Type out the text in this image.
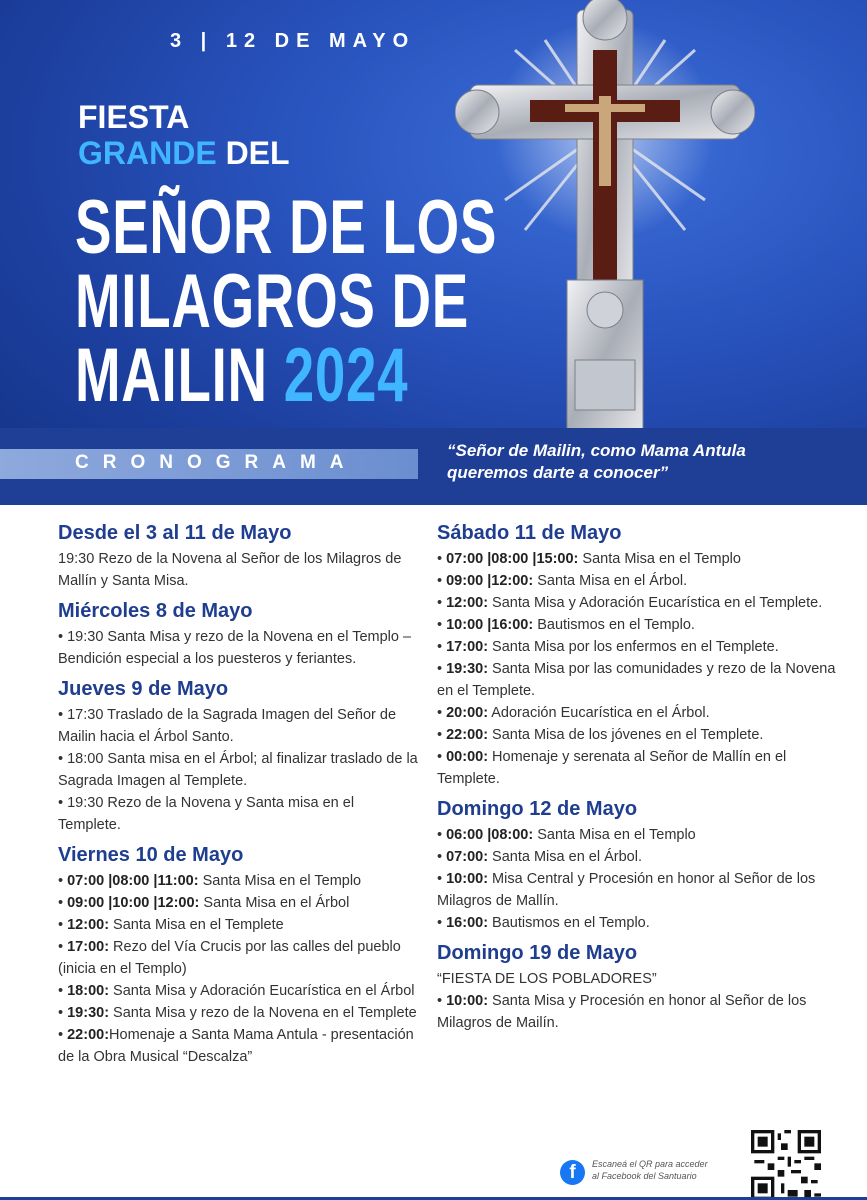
3 | 12 DE MAYO
FIESTA
GRANDE DEL
SEÑOR DE LOS
MILAGROS DE
MAILIN 2024
CRONOGRAMA
“Señor de Mailin, como Mama Antula
queremos darte a conocer”
Desde el 3 al 11 de Mayo
19:30 Rezo de la Novena al Señor de los Milagros de Mallín y Santa Misa.
Miércoles 8 de Mayo
• 19:30 Santa Misa y rezo de la Novena en el Templo – Bendición especial a los puesteros y feriantes.
Jueves 9 de Mayo
• 17:30 Traslado de la Sagrada Imagen del Señor de Mailin hacia el Árbol Santo.
• 18:00 Santa misa en el Árbol; al finalizar traslado de la Sagrada Imagen al Templete.
• 19:30 Rezo de la Novena y Santa misa en el Templete.
Viernes 10 de Mayo
• 07:00 |08:00 |11:00: Santa Misa en el Templo
• 09:00 |10:00 |12:00: Santa Misa en el Árbol
• 12:00: Santa Misa en el Templete
• 17:00: Rezo del Vía Crucis por las calles del pueblo (inicia en el Templo)
• 18:00: Santa Misa y Adoración Eucarística en el Árbol
• 19:30: Santa Misa y rezo de la Novena en el Templete
• 22:00:Homenaje a Santa Mama Antula - presentación de la Obra Musical “Descalza”
Sábado 11 de Mayo
• 07:00 |08:00 |15:00: Santa Misa en el Templo
• 09:00 |12:00: Santa Misa en el Árbol.
• 12:00: Santa Misa y Adoración Eucarística en el Templete.
• 10:00 |16:00: Bautismos en el Templo.
• 17:00: Santa Misa por los enfermos en el Templete.
• 19:30: Santa Misa por las comunidades y rezo de la Novena en el Templete.
• 20:00: Adoración Eucarística en el Árbol.
• 22:00: Santa Misa de los jóvenes en el Templete.
• 00:00: Homenaje y serenata al Señor de Mallín en el Templete.
Domingo 12 de Mayo
• 06:00 |08:00: Santa Misa en el Templo
• 07:00: Santa Misa en el Árbol.
• 10:00: Misa Central y Procesión en honor al Señor de los Milagros de Mallín.
• 16:00: Bautismos en el Templo.
Domingo 19 de Mayo
“FIESTA DE LOS POBLADORES”
• 10:00: Santa Misa y Procesión en honor al Señor de los Milagros de Mailín.
f	Escaneá el QR para acceder
al Facebook del Santuario
